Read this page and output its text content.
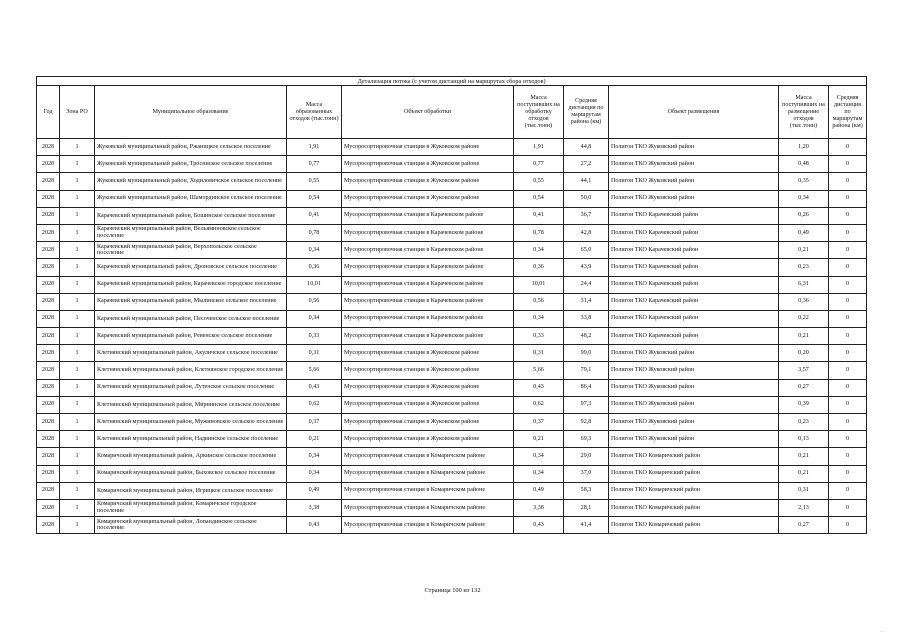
Детализация потока (с учетом дистанций на маршрутах сбора отходов)									
Год	Зона РО	Муниципальное образование	Масса образованных отходов (тыс.тонн)	Объект обработки	Масса поступивших на обработку отходов (тыс.тонн)	Средняя дистанция по маршрутам района (км)	Объект размещения	Масса поступивших на размещение отходов (тыс.тонн)	Средняя дистанция по маршрутам района (км)
2028	1	Жуковский муниципальный район, Ржаницкое сельское поселение	1,91	Мусоросортировочная станция в Жуковском районе	1,91	44,8	Полигон ТКО Жуковский район	1,20	0
2028	1	Жуковский муниципальный район, Тросннское сельское поселение	0,77	Мусоросортировочная станция в Жуковском районе	0,77	27,2	Полигон ТКО Жуковский район	0,48	0
2028	1	Жуковский муниципальный район, Ходиловичское сельское поселение	0,55	Мусоросортировочная станция в Жуковском районе	0,55	44,1	Полигон ТКО Жуковский район	0,35	0
2028	1	Жуковский муниципальный район, Шамординское сельское поселение	0,54	Мусоросортировочная станция в Жуковском районе	0,54	50,0	Полигон ТКО Жуковский район	0,34	0
2028	1	Карачевский муниципальный район, Бошинское сельское поселение	0,41	Мусоросортировочная станция в Карачевском районе	0,41	36,7	Полигон ТКО Карачевский район	0,26	0
2028	1	Карачевский муниципальный район, Вельяминовское сельское поселение	0,78	Мусоросортировочная станция в Карачевском районе	0,78	42,8	Полигон ТКО Карачевский район	0,49	0
2028	1	Карачевский муниципальный район, Верхопольское сельское поселение	0,34	Мусоросортировочная станция в Карачевском районе	0,34	65,0	Полигон ТКО Карачевский район	0,21	0
2028	1	Карачевский муниципальный район, Дроновское сельское поселение	0,36	Мусоросортировочная станция в Карачевском районе	0,36	43,9	Полигон ТКО Карачевский район	0,23	0
2028	1	Карачевский муниципальный район, Карачевское городское поселение	10,01	Мусоросортировочная станция в Карачевском районе	10,01	24,4	Полигон ТКО Карачевский район	6,31	0
2028	1	Карачевский муниципальный район, Мылинское сельское поселение	0,56	Мусоросортировочная станция в Карачевском районе	0,56	31,4	Полигон ТКО Карачевский район	0,36	0
2028	1	Карачевский муниципальный район, Песоченское сельское поселение	0,34	Мусоросортировочная станция в Карачевском районе	0,34	33,8	Полигон ТКО Карачевский район	0,22	0
2028	1	Карачевский муниципальный район, Ревенское сельское поселение	0,33	Мусоросортировочная станция в Карачевском районе	0,33	48,2	Полигон ТКО Карачевский район	0,21	0
2028	1	Клетнянский муниципальный район, Акуличское сельское поселение	0,31	Мусоросортировочная станция в Жуковском районе	0,31	99,0	Полигон ТКО Жуковский район	0,20	0
2028	1	Клетнянский муниципальный район, Клетнянское городское поселение	5,66	Мусоросортировочная станция в Жуковском районе	5,66	79,1	Полигон ТКО Жуковский район	3,57	0
2028	1	Клетнянский муниципальный район, Лутенское сельское поселение	0,43	Мусоросортировочная станция в Жуковском районе	0,43	86,4	Полигон ТКО Жуковский район	0,27	0
2028	1	Клетнянский муниципальный район, Мирнинское сельское поселение	0,62	Мусоросортировочная станция в Жуковском районе	0,62	97,3	Полигон ТКО Жуковский район	0,39	0
2028	1	Клетнянский муниципальный район, Мужиновское сельское поселение	0,37	Мусоросортировочная станция в Жуковском районе	0,37	92,8	Полигон ТКО Жуковский район	0,23	0
2028	1	Клетнянский муниципальный район, Надвинское сельское поселение	0,21	Мусоросортировочная станция в Жуковском районе	0,21	69,3	Полигон ТКО Жуковский район	0,13	0
2028	1	Комаричский муниципальный район, Аркинское сельское поселение	0,34	Мусоросортировочная станция в Комаричском районе	0,34	29,0	Полигон ТКО Комаричский район	0,21	0
2028	1	Комаричский муниципальный район, Быховское сельское поселение	0,34	Мусоросортировочная станция в Комаричском районе	0,34	37,0	Полигон ТКО Комаричский район	0,21	0
2028	1	Комаричский муниципальный район, Игрицкое сельское поселение	0,49	Мусоросортировочная станция в Комаричском районе	0,49	58,3	Полигон ТКО Комаричский район	0,31	0
2028	1	Комаричский муниципальный район, Комаричское городское поселение	3,38	Мусоросортировочная станция в Комаричском районе	3,38	28,1	Полигон ТКО Комаричский район	2,13	0
2028	1	Комаричский муниципальный район, Лопандинское сельское поселение	0,43	Мусоросортировочная станция в Комаричском районе	0,43	41,4	Полигон ТКО Комаричский район	0,27	0
Страница 100 из 132
. .
